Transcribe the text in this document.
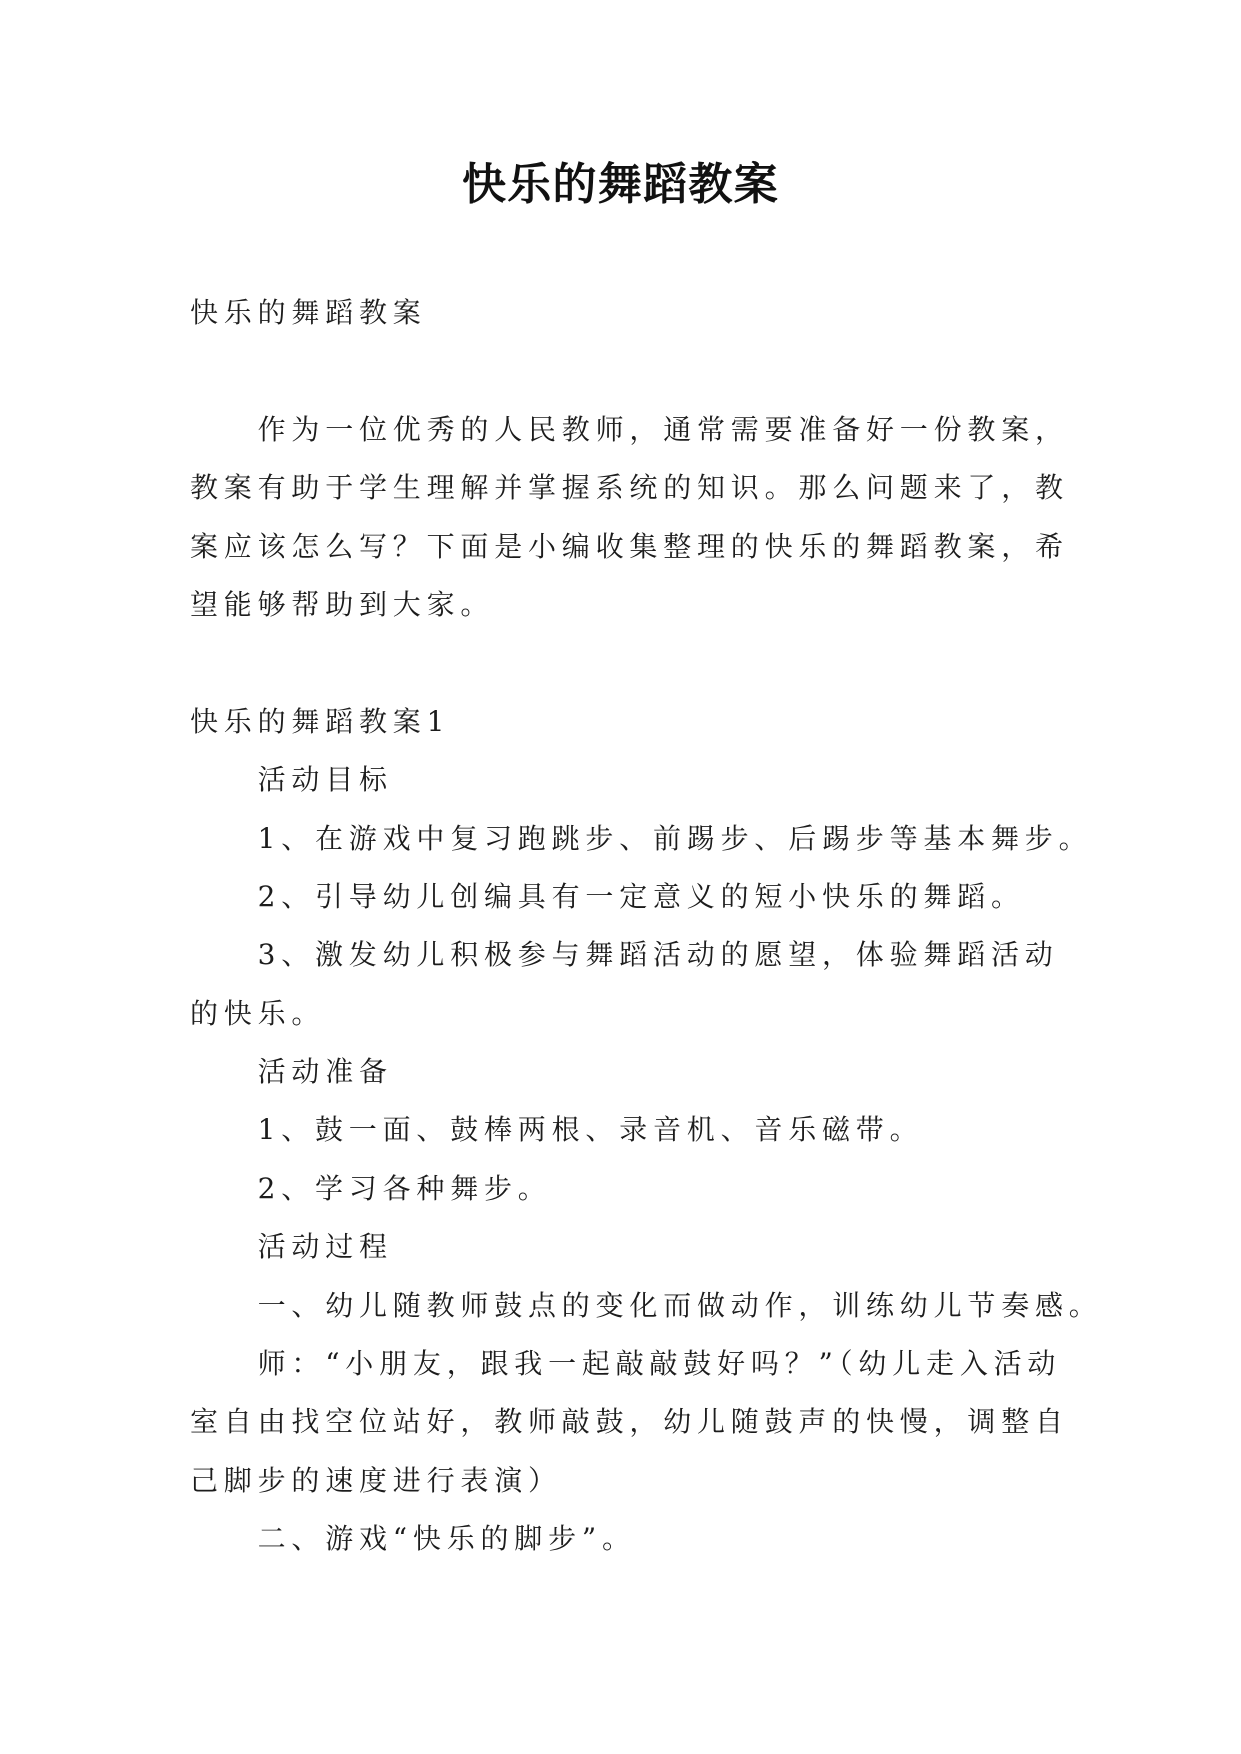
快乐的舞蹈教案
快乐的舞蹈教案
作为一位优秀的人民教师，通常需要准备好一份教案，
教案有助于学生理解并掌握系统的知识。那么问题来了，教
案应该怎么写？下面是小编收集整理的快乐的舞蹈教案，希
望能够帮助到大家。
快乐的舞蹈教案1
活动目标
1、在游戏中复习跑跳步、前踢步、后踢步等基本舞步。
2、引导幼儿创编具有一定意义的短小快乐的舞蹈。
3、激发幼儿积极参与舞蹈活动的愿望，体验舞蹈活动
的快乐。
活动准备
1、鼓一面、鼓棒两根、录音机、音乐磁带。
2、学习各种舞步。
活动过程
一、幼儿随教师鼓点的变化而做动作，训练幼儿节奏感。
师：“小朋友，跟我一起敲敲鼓好吗？”（幼儿走入活动
室自由找空位站好，教师敲鼓，幼儿随鼓声的快慢，调整自
己脚步的速度进行表演）
二、游戏“快乐的脚步”。
